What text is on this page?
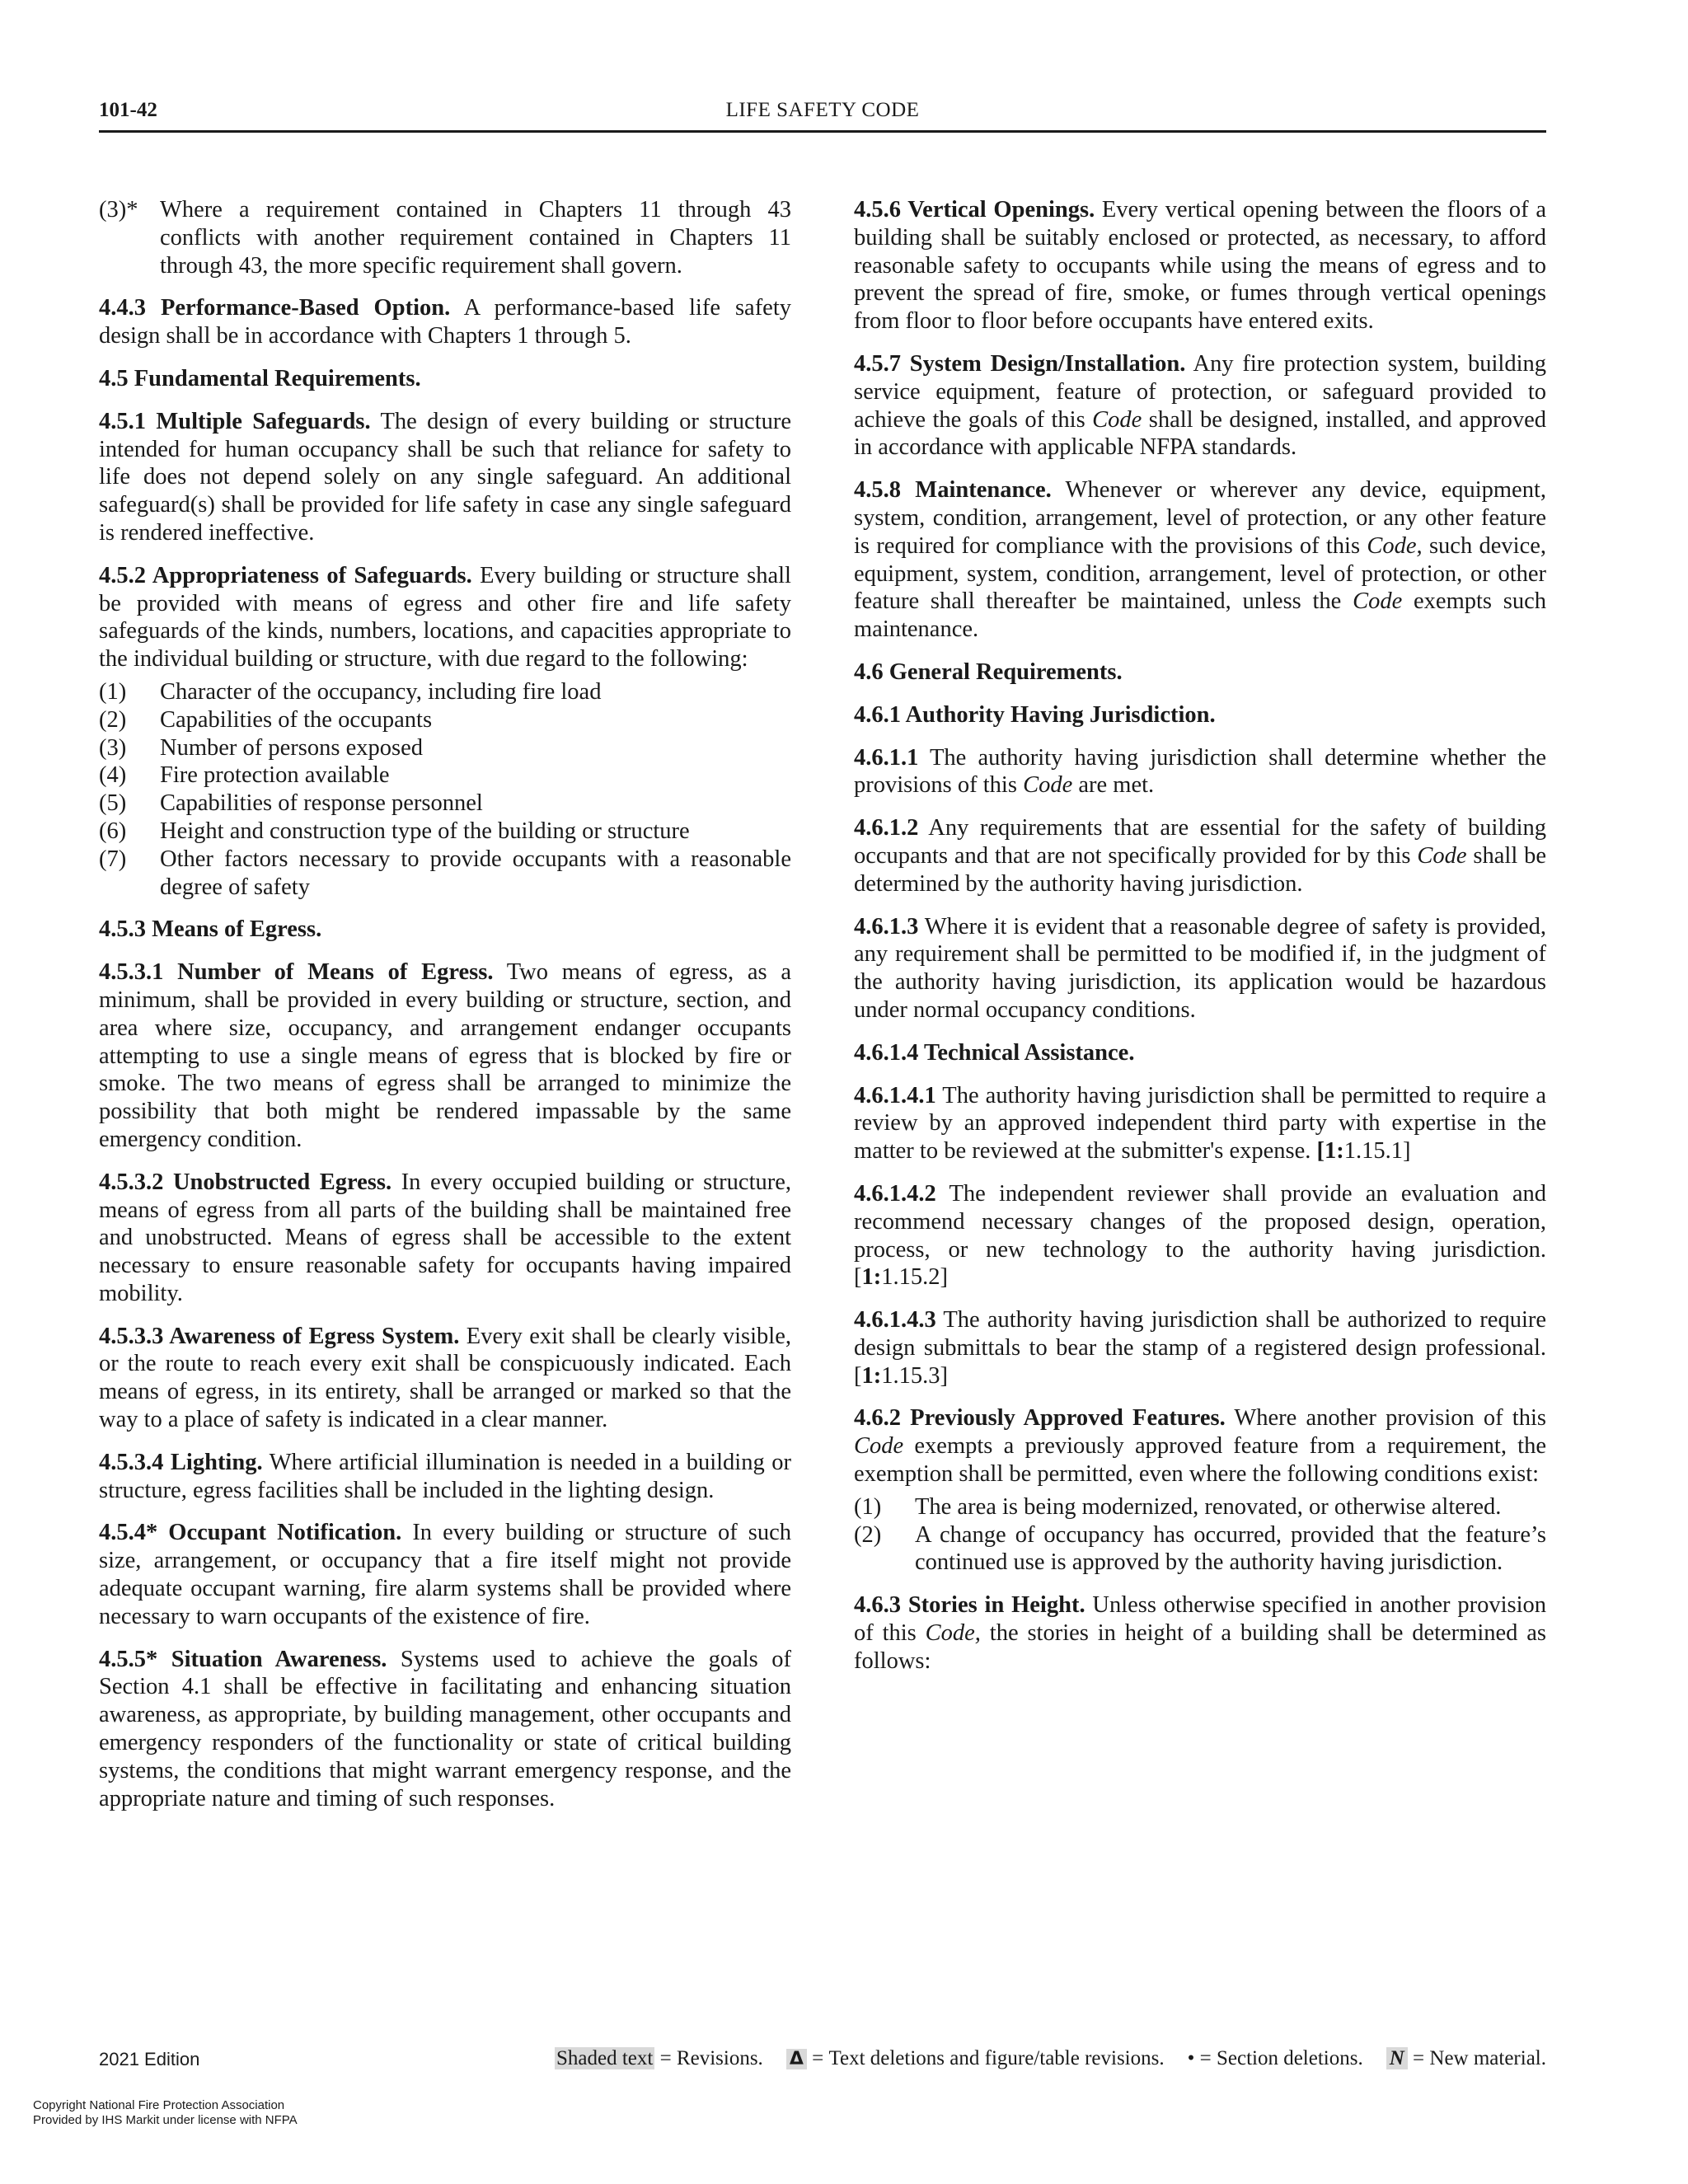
101-42	LIFE SAFETY CODE
(3)* Where a requirement contained in Chapters 11 through 43 conflicts with another requirement contained in Chapters 11 through 43, the more specific requirement shall govern.

4.4.3 Performance-Based Option. A performance-based life safety design shall be in accordance with Chapters 1 through 5.

4.5 Fundamental Requirements.

4.5.1 Multiple Safeguards. The design of every building or structure intended for human occupancy shall be such that reliance for safety to life does not depend solely on any single safeguard. An additional safeguard(s) shall be provided for life safety in case any single safeguard is rendered ineffective.

4.5.2 Appropriateness of Safeguards. Every building or structure shall be provided with means of egress and other fire and life safety safeguards of the kinds, numbers, locations, and capacities appropriate to the individual building or structure, with due regard to the following:

(1)	Character of the occupancy, including fire load
(2)	Capabilities of the occupants
(3)	Number of persons exposed
(4)	Fire protection available
(5)	Capabilities of response personnel
(6)	Height and construction type of the building or structure
(7)	Other factors necessary to provide occupants with a reasonable degree of safety

4.5.3 Means of Egress.

4.5.3.1 Number of Means of Egress. Two means of egress, as a minimum, shall be provided in every building or structure, section, and area where size, occupancy, and arrangement endanger occupants attempting to use a single means of egress that is blocked by fire or smoke. The two means of egress shall be arranged to minimize the possibility that both might be rendered impassable by the same emergency condition.

4.5.3.2 Unobstructed Egress. In every occupied building or structure, means of egress from all parts of the building shall be maintained free and unobstructed. Means of egress shall be accessible to the extent necessary to ensure reasonable safety for occupants having impaired mobility.

4.5.3.3 Awareness of Egress System. Every exit shall be clearly visible, or the route to reach every exit shall be conspicuously indicated. Each means of egress, in its entirety, shall be arranged or marked so that the way to a place of safety is indicated in a clear manner.

4.5.3.4 Lighting. Where artificial illumination is needed in a building or structure, egress facilities shall be included in the lighting design.

4.5.4* Occupant Notification. In every building or structure of such size, arrangement, or occupancy that a fire itself might not provide adequate occupant warning, fire alarm systems shall be provided where necessary to warn occupants of the existence of fire.

4.5.5* Situation Awareness. Systems used to achieve the goals of Section 4.1 shall be effective in facilitating and enhancing situation awareness, as appropriate, by building management, other occupants and emergency responders of the functionality or state of critical building systems, the conditions that might warrant emergency response, and the appropriate nature and timing of such responses.

4.5.6 Vertical Openings. Every vertical opening between the floors of a building shall be suitably enclosed or protected, as necessary, to afford reasonable safety to occupants while using the means of egress and to prevent the spread of fire, smoke, or fumes through vertical openings from floor to floor before occupants have entered exits.

4.5.7 System Design/Installation. Any fire protection system, building service equipment, feature of protection, or safeguard provided to achieve the goals of this Code shall be designed, installed, and approved in accordance with applicable NFPA standards.

4.5.8 Maintenance. Whenever or wherever any device, equipment, system, condition, arrangement, level of protection, or any other feature is required for compliance with the provisions of this Code, such device, equipment, system, condition, arrangement, level of protection, or other feature shall thereafter be maintained, unless the Code exempts such maintenance.

4.6 General Requirements.

4.6.1 Authority Having Jurisdiction.

4.6.1.1 The authority having jurisdiction shall determine whether the provisions of this Code are met.

4.6.1.2 Any requirements that are essential for the safety of building occupants and that are not specifically provided for by this Code shall be determined by the authority having jurisdiction.

4.6.1.3 Where it is evident that a reasonable degree of safety is provided, any requirement shall be permitted to be modified if, in the judgment of the authority having jurisdiction, its application would be hazardous under normal occupancy conditions.

4.6.1.4 Technical Assistance.

4.6.1.4.1 The authority having jurisdiction shall be permitted to require a review by an approved independent third party with expertise in the matter to be reviewed at the submitter's expense. [1:1.15.1]

4.6.1.4.2 The independent reviewer shall provide an evaluation and recommend necessary changes of the proposed design, operation, process, or new technology to the authority having jurisdiction. [1:1.15.2]

4.6.1.4.3 The authority having jurisdiction shall be authorized to require design submittals to bear the stamp of a registered design professional. [1:1.15.3]

4.6.2 Previously Approved Features. Where another provision of this Code exempts a previously approved feature from a requirement, the exemption shall be permitted, even where the following conditions exist:

(1)	The area is being modernized, renovated, or otherwise altered.
(2)	A change of occupancy has occurred, provided that the feature’s continued use is approved by the authority having jurisdiction.

4.6.3 Stories in Height. Unless otherwise specified in another provision of this Code, the stories in height of a building shall be determined as follows:

2021 Edition	Shaded text = Revisions. Δ = Text deletions and figure/table revisions. • = Section deletions. N = New material.
Copyright National Fire Protection Association
Provided by IHS Markit under license with NFPA
